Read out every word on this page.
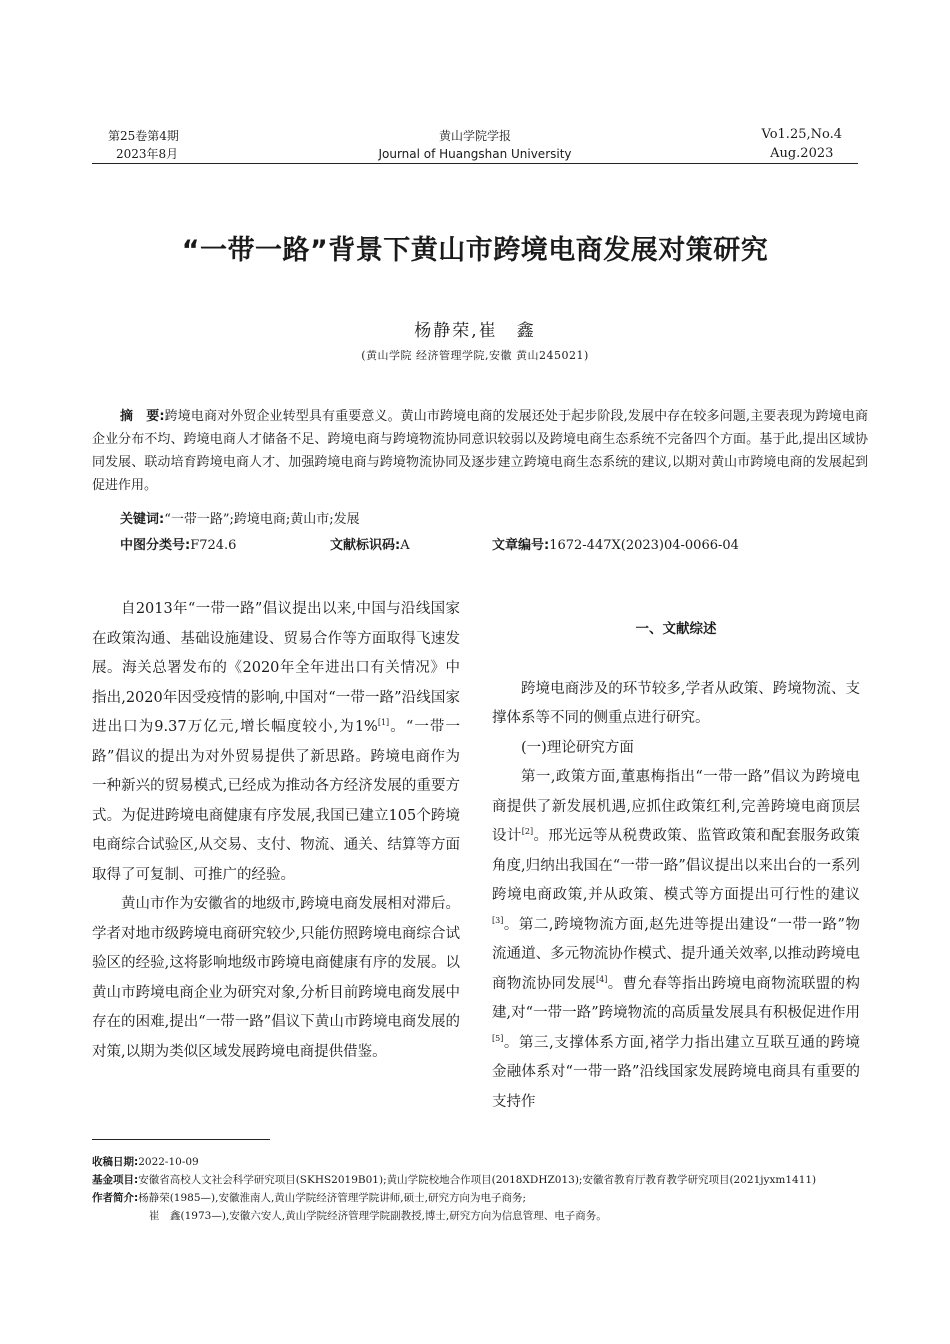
第25卷第4期
2023年8月
黄山学院学报
Journal of Huangshan University
Vo1.25,No.4
Aug.2023
“一带一路”背景下黄山市跨境电商发展对策研究
杨静荣,崔　鑫
(黄山学院 经济管理学院,安徽 黄山245021)
摘　要:跨境电商对外贸企业转型具有重要意义。黄山市跨境电商的发展还处于起步阶段,发展中存在较多问题,主要表现为跨境电商企业分布不均、跨境电商人才储备不足、跨境电商与跨境物流协同意识较弱以及跨境电商生态系统不完备四个方面。基于此,提出区域协同发展、联动培育跨境电商人才、加强跨境电商与跨境物流协同及逐步建立跨境电商生态系统的建议,以期对黄山市跨境电商的发展起到促进作用。
关键词:“一带一路”;跨境电商;黄山市;发展
中图分类号:F724.6	文献标识码:A	文章编号:1672-447X(2023)04-0066-04

自2013年“一带一路”倡议提出以来,中国与沿线国家在政策沟通、基础设施建设、贸易合作等方面取得飞速发展。海关总署发布的《2020年全年进出口有关情况》中指出,2020年因受疫情的影响,中国对“一带一路”沿线国家进出口为9.37万亿元,增长幅度较小,为1%[1]。“一带一路”倡议的提出为对外贸易提供了新思路。跨境电商作为一种新兴的贸易模式,已经成为推动各方经济发展的重要方式。为促进跨境电商健康有序发展,我国已建立105个跨境电商综合试验区,从交易、支付、物流、通关、结算等方面取得了可复制、可推广的经验。

黄山市作为安徽省的地级市,跨境电商发展相对滞后。学者对地市级跨境电商研究较少,只能仿照跨境电商综合试验区的经验,这将影响地级市跨境电商健康有序的发展。以黄山市跨境电商企业为研究对象,分析目前跨境电商发展中存在的困难,提出“一带一路”倡议下黄山市跨境电商发展的对策,以期为类似区域发展跨境电商提供借鉴。

一、文献综述

跨境电商涉及的环节较多,学者从政策、跨境物流、支撑体系等不同的侧重点进行研究。

(一)理论研究方面

第一,政策方面,董惠梅指出“一带一路”倡议为跨境电商提供了新发展机遇,应抓住政策红利,完善跨境电商顶层设计[2]。邢光远等从税费政策、监管政策和配套服务政策角度,归纳出我国在“一带一路”倡议提出以来出台的一系列跨境电商政策,并从政策、模式等方面提出可行性的建议[3]。第二,跨境物流方面,赵先进等提出建设“一带一路”物流通道、多元物流协作模式、提升通关效率,以推动跨境电商物流协同发展[4]。曹允春等指出跨境电商物流联盟的构建,对“一带一路”跨境物流的高质量发展具有积极促进作用[5]。第三,支撑体系方面,褚学力指出建立互联互通的跨境金融体系对“一带一路”沿线国家发展跨境电商具有重要的支持作

收稿日期:2022-10-09
基金项目:安徽省高校人文社会科学研究项目(SKHS2019B01);黄山学院校地合作项目(2018XDHZ013);安徽省教育厅教育教学研究项目(2021jyxm1411)
作者简介:杨静荣(1985—),安徽淮南人,黄山学院经济管理学院讲师,硕士,研究方向为电子商务;
崔　鑫(1973—),安徽六安人,黄山学院经济管理学院副教授,博士,研究方向为信息管理、电子商务。
